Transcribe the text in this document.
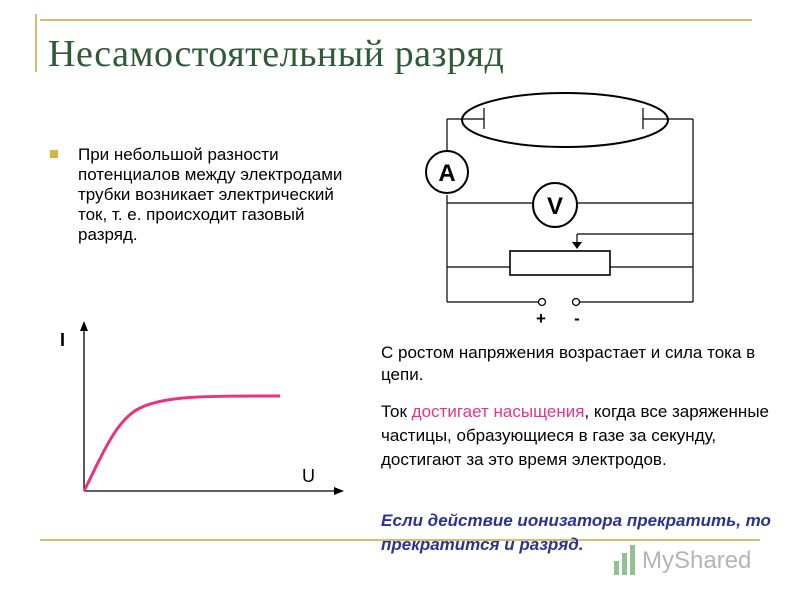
Несамостоятельный разряд
При небольшой разности потенциалов между электродами трубки возникает электрический ток, т. е. происходит газовый разряд.
I
U
A
V
+ -

С ростом напряжения возрастает и сила тока в цепи.

Ток достигает насыщения, когда все заряженные частицы, образующиеся в газе за секунду, достигают за это время электродов.

Если действие ионизатора прекратить, то прекратится и разряд.

MyShared
